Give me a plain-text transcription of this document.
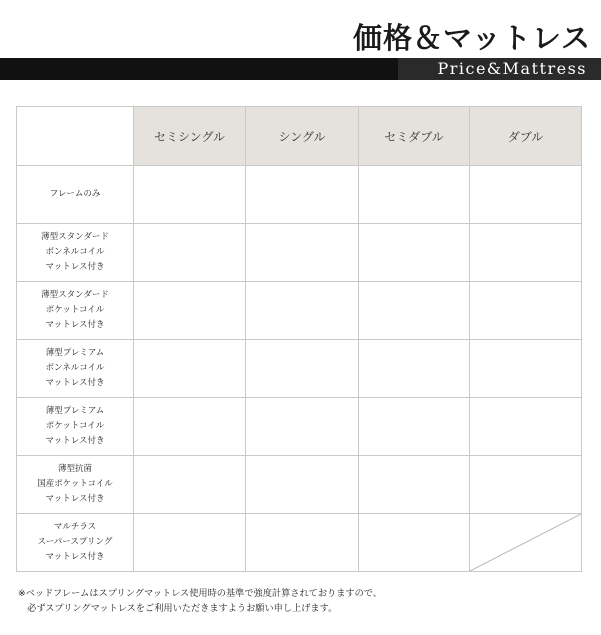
価格＆マットレス
Price&Mattress
	セミシングル	シングル	セミダブル	ダブル

フレームのみ				

薄型スタンダード
ボンネルコイル
マットレス付き				

薄型スタンダード
ポケットコイル
マットレス付き				

薄型プレミアム
ボンネルコイル
マットレス付き				

薄型プレミアム
ポケットコイル
マットレス付き				

薄型抗菌
国産ポケットコイル
マットレス付き				

マルチラス
スーパースプリング
マットレス付き

※ベッドフレームはスプリングマットレス使用時の基準で強度計算されておりますので、
　必ずスプリングマットレスをご利用いただきますようお願い申し上げます。
